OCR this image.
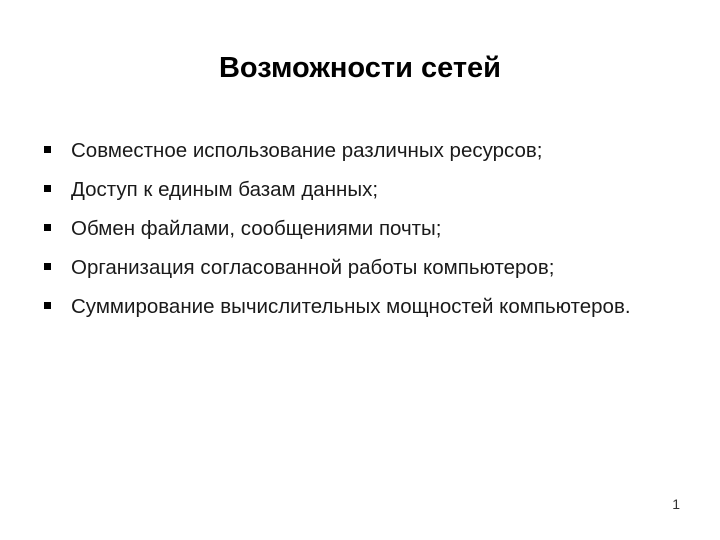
Возможности сетей
Совместное использование различных ресурсов;
Доступ к единым базам данных;
Обмен файлами, сообщениями почты;
Организация согласованной работы компьютеров;
Суммирование вычислительных мощностей компьютеров.
1
